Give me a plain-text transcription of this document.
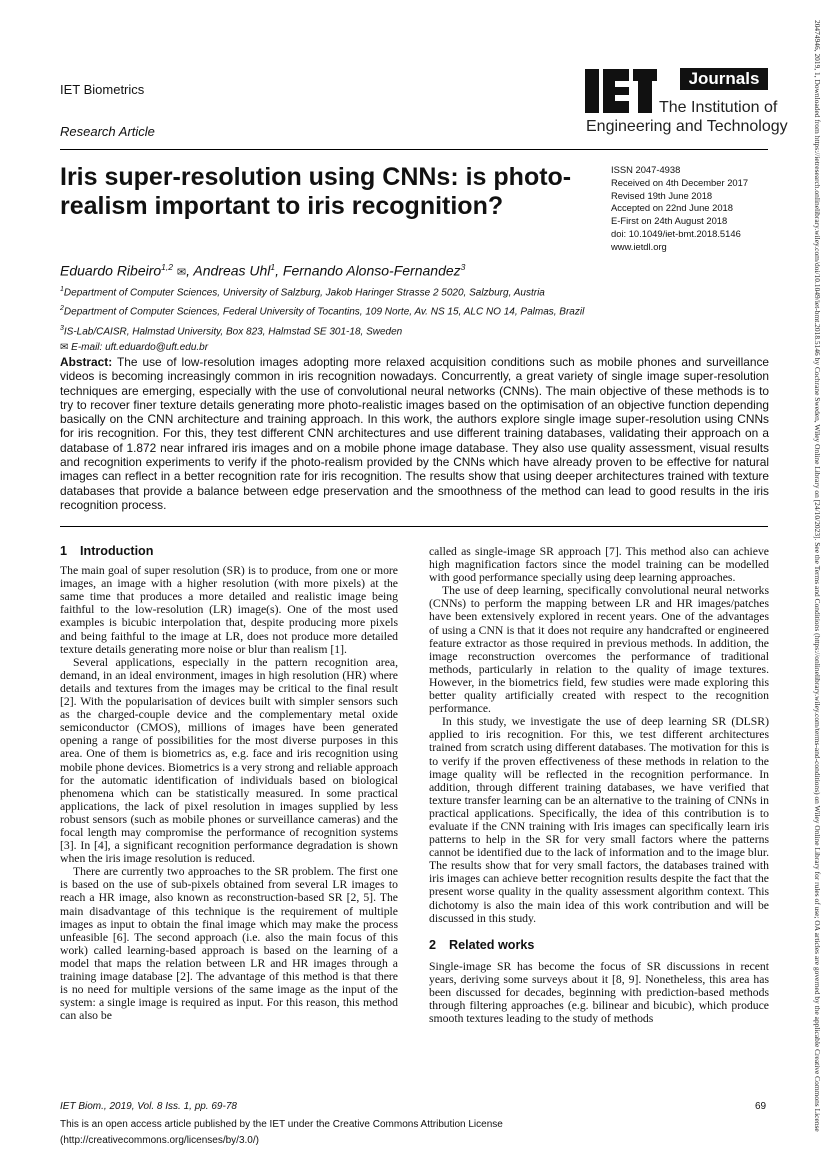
20474946, 2019, 1, Downloaded from https://ietresearch.onlinelibrary.wiley.com/doi/10.1049/iet-bmt.2018.5146 by Cochrane Sweden, Wiley Online Library on [24/10/2023]. See the Terms and Conditions (https://onlinelibrary.wiley.com/terms-and-conditions) on Wiley Online Library for rules of use; OA articles are governed by the applicable Creative Commons License
IET Biometrics
Research Article
Journals
The Institution of
Engineering and Technology
Iris super-resolution using CNNs: is photo-realism important to iris recognition?
ISSN 2047-4938
Received on 4th December 2017
Revised 19th June 2018
Accepted on 22nd June 2018
E-First on 24th August 2018
doi: 10.1049/iet-bmt.2018.5146
www.ietdl.org
Eduardo Ribeiro$^{1,2}$ ✉, Andreas Uhl$^1$, Fernando Alonso-Fernandez$^3$
$^1$Department of Computer Sciences, University of Salzburg, Jakob Haringer Strasse 2 5020, Salzburg, Austria
$^2$Department of Computer Sciences, Federal University of Tocantins, 109 Norte, Av. NS 15, ALC NO 14, Palmas, Brazil
$^3$IS-Lab/CAISR, Halmstad University, Box 823, Halmstad SE 301-18, Sweden
✉ E-mail: uft.eduardo@uft.edu.br
Abstract: The use of low-resolution images adopting more relaxed acquisition conditions such as mobile phones and surveillance videos is becoming increasingly common in iris recognition nowadays. Concurrently, a great variety of single image super-resolution techniques are emerging, especially with the use of convolutional neural networks (CNNs). The main objective of these methods is to try to recover finer texture details generating more photo-realistic images based on the optimisation of an objective function depending basically on the CNN architecture and training approach. In this work, the authors explore single image super-resolution using CNNs for iris recognition. For this, they test different CNN architectures and use different training databases, validating their approach on a database of 1.872 near infrared iris images and on a mobile phone image database. They also use quality assessment, visual results and recognition experiments to verify if the photo-realism provided by the CNNs which have already proven to be effective for natural images can reflect in a better recognition rate for iris recognition. The results show that using deeper architectures trained with texture databases that provide a balance between edge preservation and the smoothness of the method can lead to good results in the iris recognition process.
1 Introduction

The main goal of super resolution (SR) is to produce, from one or more images, an image with a higher resolution (with more pixels) at the same time that produces a more detailed and realistic image being faithful to the low-resolution (LR) image(s). One of the most used examples is bicubic interpolation that, despite producing more pixels and being faithful to the image at LR, does not produce more detailed texture details generating more noise or blur than realism [1].

Several applications, especially in the pattern recognition area, demand, in an ideal environment, images in high resolution (HR) where details and textures from the images may be critical to the final result [2]. With the popularisation of devices built with simpler sensors such as the charged-couple device and the complementary metal oxide semiconductor (CMOS), millions of images have been generated opening a range of possibilities for the most diverse purposes in this area. One of them is biometrics as, e.g. face and iris recognition using mobile phone devices. Biometrics is a very strong and reliable approach for the automatic identification of individuals based on biological phenomena which can be statistically measured. In some practical applications, the lack of pixel resolution in images supplied by less robust sensors (such as mobile phones or surveillance cameras) and the focal length may compromise the performance of recognition systems [3]. In [4], a significant recognition performance degradation is shown when the iris image resolution is reduced.

There are currently two approaches to the SR problem. The first one is based on the use of sub-pixels obtained from several LR images to reach a HR image, also known as reconstruction-based SR [2, 5]. The main disadvantage of this technique is the requirement of multiple images as input to obtain the final image which may make the process unfeasible [6]. The second approach (i.e. also the main focus of this work) called learning-based approach is based on the learning of a model that maps the relation between LR and HR images through a training image database [2]. The advantage of this method is that there is no need for multiple versions of the same image as the input of the system: a single image is required as input. For this reason, this method can also be

called as single-image SR approach [7]. This method also can achieve high magnification factors since the model training can be modelled with good performance specially using deep learning approaches.

The use of deep learning, specifically convolutional neural networks (CNNs) to perform the mapping between LR and HR images/patches have been extensively explored in recent years. One of the advantages of using a CNN is that it does not require any handcrafted or engineered feature extractor as those required in previous methods. In addition, the image reconstruction overcomes the performance of traditional methods, particularly in relation to the quality of image textures. However, in the biometrics field, few studies were made exploring this better quality artificially created with respect to the recognition performance.

In this study, we investigate the use of deep learning SR (DLSR) applied to iris recognition. For this, we test different architectures trained from scratch using different databases. The motivation for this is to verify if the proven effectiveness of these methods in relation to the image quality will be reflected in the recognition performance. In addition, through different training databases, we have verified that texture transfer learning can be an alternative to the training of CNNs in practical applications. Specifically, the idea of this contribution is to evaluate if the CNN training with Iris images can specifically learn iris patterns to help in the SR for very small factors where the patterns cannot be identified due to the lack of information and to the image blur. The results show that for very small factors, the databases trained with iris images can achieve better recognition results despite the fact that the present worse quality in the quality assessment algorithm context. This dichotomy is also the main idea of this work contribution and will be discussed in this study.

2 Related works

Single-image SR has become the focus of SR discussions in recent years, deriving some surveys about it [8, 9]. Nonetheless, this area has been discussed for decades, beginning with prediction-based methods through filtering approaches (e.g. bilinear and bicubic), which produce smooth textures leading to the study of methods

IET Biom., 2019, Vol. 8 Iss. 1, pp. 69-78	69
This is an open access article published by the IET under the Creative Commons Attribution License
(http://creativecommons.org/licenses/by/3.0/)
